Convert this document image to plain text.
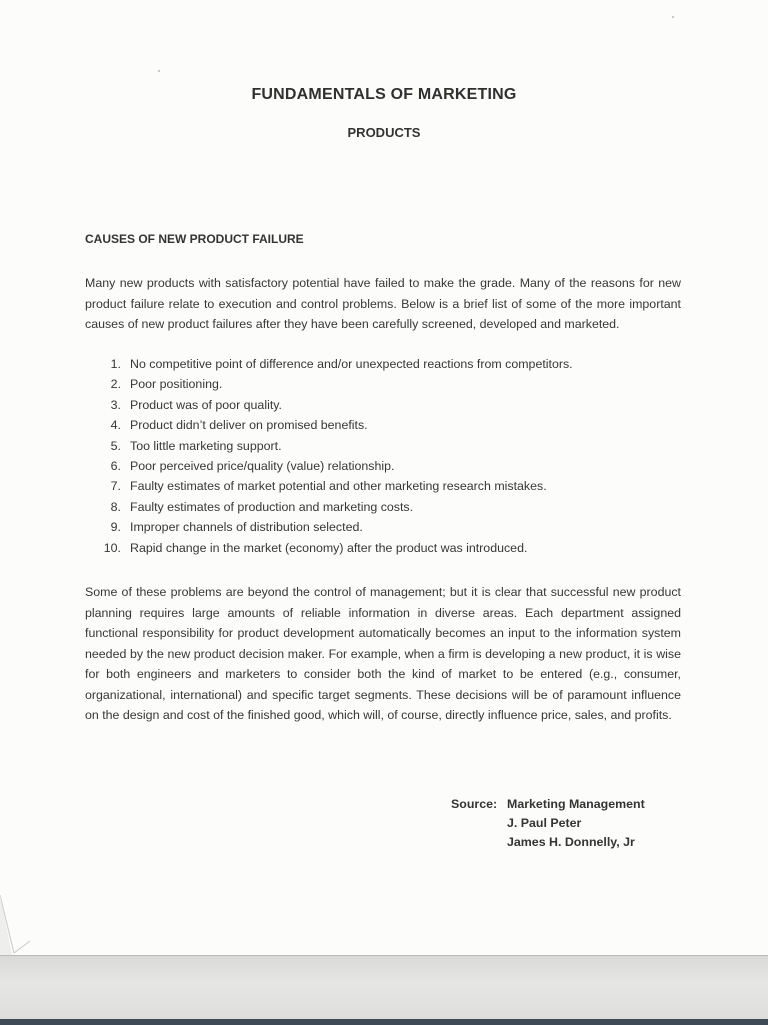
FUNDAMENTALS OF MARKETING
PRODUCTS
CAUSES OF NEW PRODUCT FAILURE

Many new products with satisfactory potential have failed to make the grade. Many of the reasons for new product failure relate to execution and control problems. Below is a brief list of some of the more important causes of new product failures after they have been carefully screened, developed and marketed.

1. No competitive point of difference and/or unexpected reactions from competitors.
2. Poor positioning.
3. Product was of poor quality.
4. Product didn’t deliver on promised benefits.
5. Too little marketing support.
6. Poor perceived price/quality (value) relationship.
7. Faulty estimates of market potential and other marketing research mistakes.
8. Faulty estimates of production and marketing costs.
9. Improper channels of distribution selected.
10. Rapid change in the market (economy) after the product was introduced.

Some of these problems are beyond the control of management; but it is clear that successful new product planning requires large amounts of reliable information in diverse areas. Each department assigned functional responsibility for product development automatically becomes an input to the information system needed by the new product decision maker. For example, when a firm is developing a new product, it is wise for both engineers and marketers to consider both the kind of market to be entered (e.g., consumer, organizational, international) and specific target segments. These decisions will be of paramount influence on the design and cost of the finished good, which will, of course, directly influence price, sales, and profits.

Source: Marketing Management
J. Paul Peter
James H. Donnelly, Jr
